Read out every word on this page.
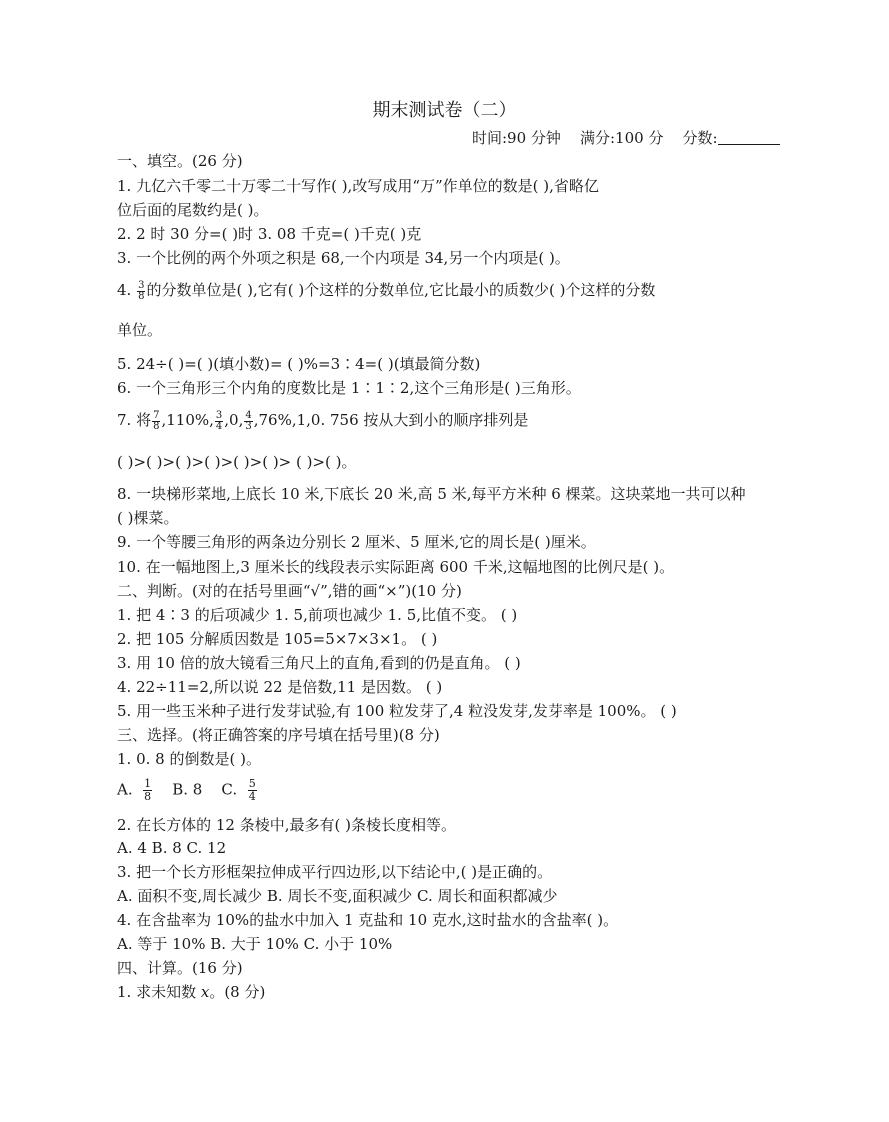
期末测试卷（二）
时间:90 分钟 满分:100 分 分数:
一、填空。(26 分)
1. 九亿六千零二十万零二十写作( ),改写成用“万”作单位的数是( ),省略亿
位后面的尾数约是( )。
2. 2 时 30 分=( )时 3. 08 千克=( )千克( )克
3. 一个比例的两个外项之积是 68,一个内项是 34,另一个内项是( )。
4. $\frac{3}{8}$ 的分数单位是( ),它有( )个这样的分数单位,它比最小的质数少( )个这样的分数
单位。
5. 24÷( )=( )(填小数)= ( )%=3∶4=( )(填最简分数)
6. 一个三角形三个内角的度数比是 1∶1∶2,这个三角形是( )三角形。
7. 将 $\frac{7}{8} ,110\%$, $\frac{3}{4} ,0$, $\frac{4}{3} ,76\%,1,0$. 756 按从大到小的顺序排列是
( )>( )>( )>( )>( )>( )> ( )>( )。
8. 一块梯形菜地,上底长 10 米,下底长 20 米,高 5 米,每平方米种 6 棵菜。这块菜地一共可以种
( )棵菜。
9. 一个等腰三角形的两条边分别长 2 厘米、5 厘米,它的周长是( )厘米。
10. 在一幅地图上,3 厘米长的线段表示实际距离 600 千米,这幅地图的比例尺是( )。
二、判断。(对的在括号里画“√”,错的画“×”)(10 分)
1. 把 4∶3 的后项减少 1. 5,前项也减少 1. 5,比值不变。 ( )
2. 把 105 分解质因数是 105=5×7×3×1。 ( )
3. 用 10 倍的放大镜看三角尺上的直角,看到的仍是直角。 ( )
4. 22÷11=2,所以说 22 是倍数,11 是因数。 ( )
5. 用一些玉米种子进行发芽试验,有 100 粒发芽了,4 粒没发芽,发芽率是 100%。 ( )
三、选择。(将正确答案的序号填在括号里)(8 分)
1. 0. 8 的倒数是( )。
A. $\frac{1}{8} B$. 8 C. $\frac{5}{4}$
2. 在长方体的 12 条棱中,最多有( )条棱长度相等。
A. 4 B. 8 C. 12
3. 把一个长方形框架拉伸成平行四边形,以下结论中,( )是正确的。
A. 面积不变,周长减少 B. 周长不变,面积减少 C. 周长和面积都减少
4. 在含盐率为 10%的盐水中加入 1 克盐和 10 克水,这时盐水的含盐率( )。
A. 等于 10% B. 大于 10% C. 小于 10%
四、计算。(16 分)
1. 求未知数 x。(8 分)
